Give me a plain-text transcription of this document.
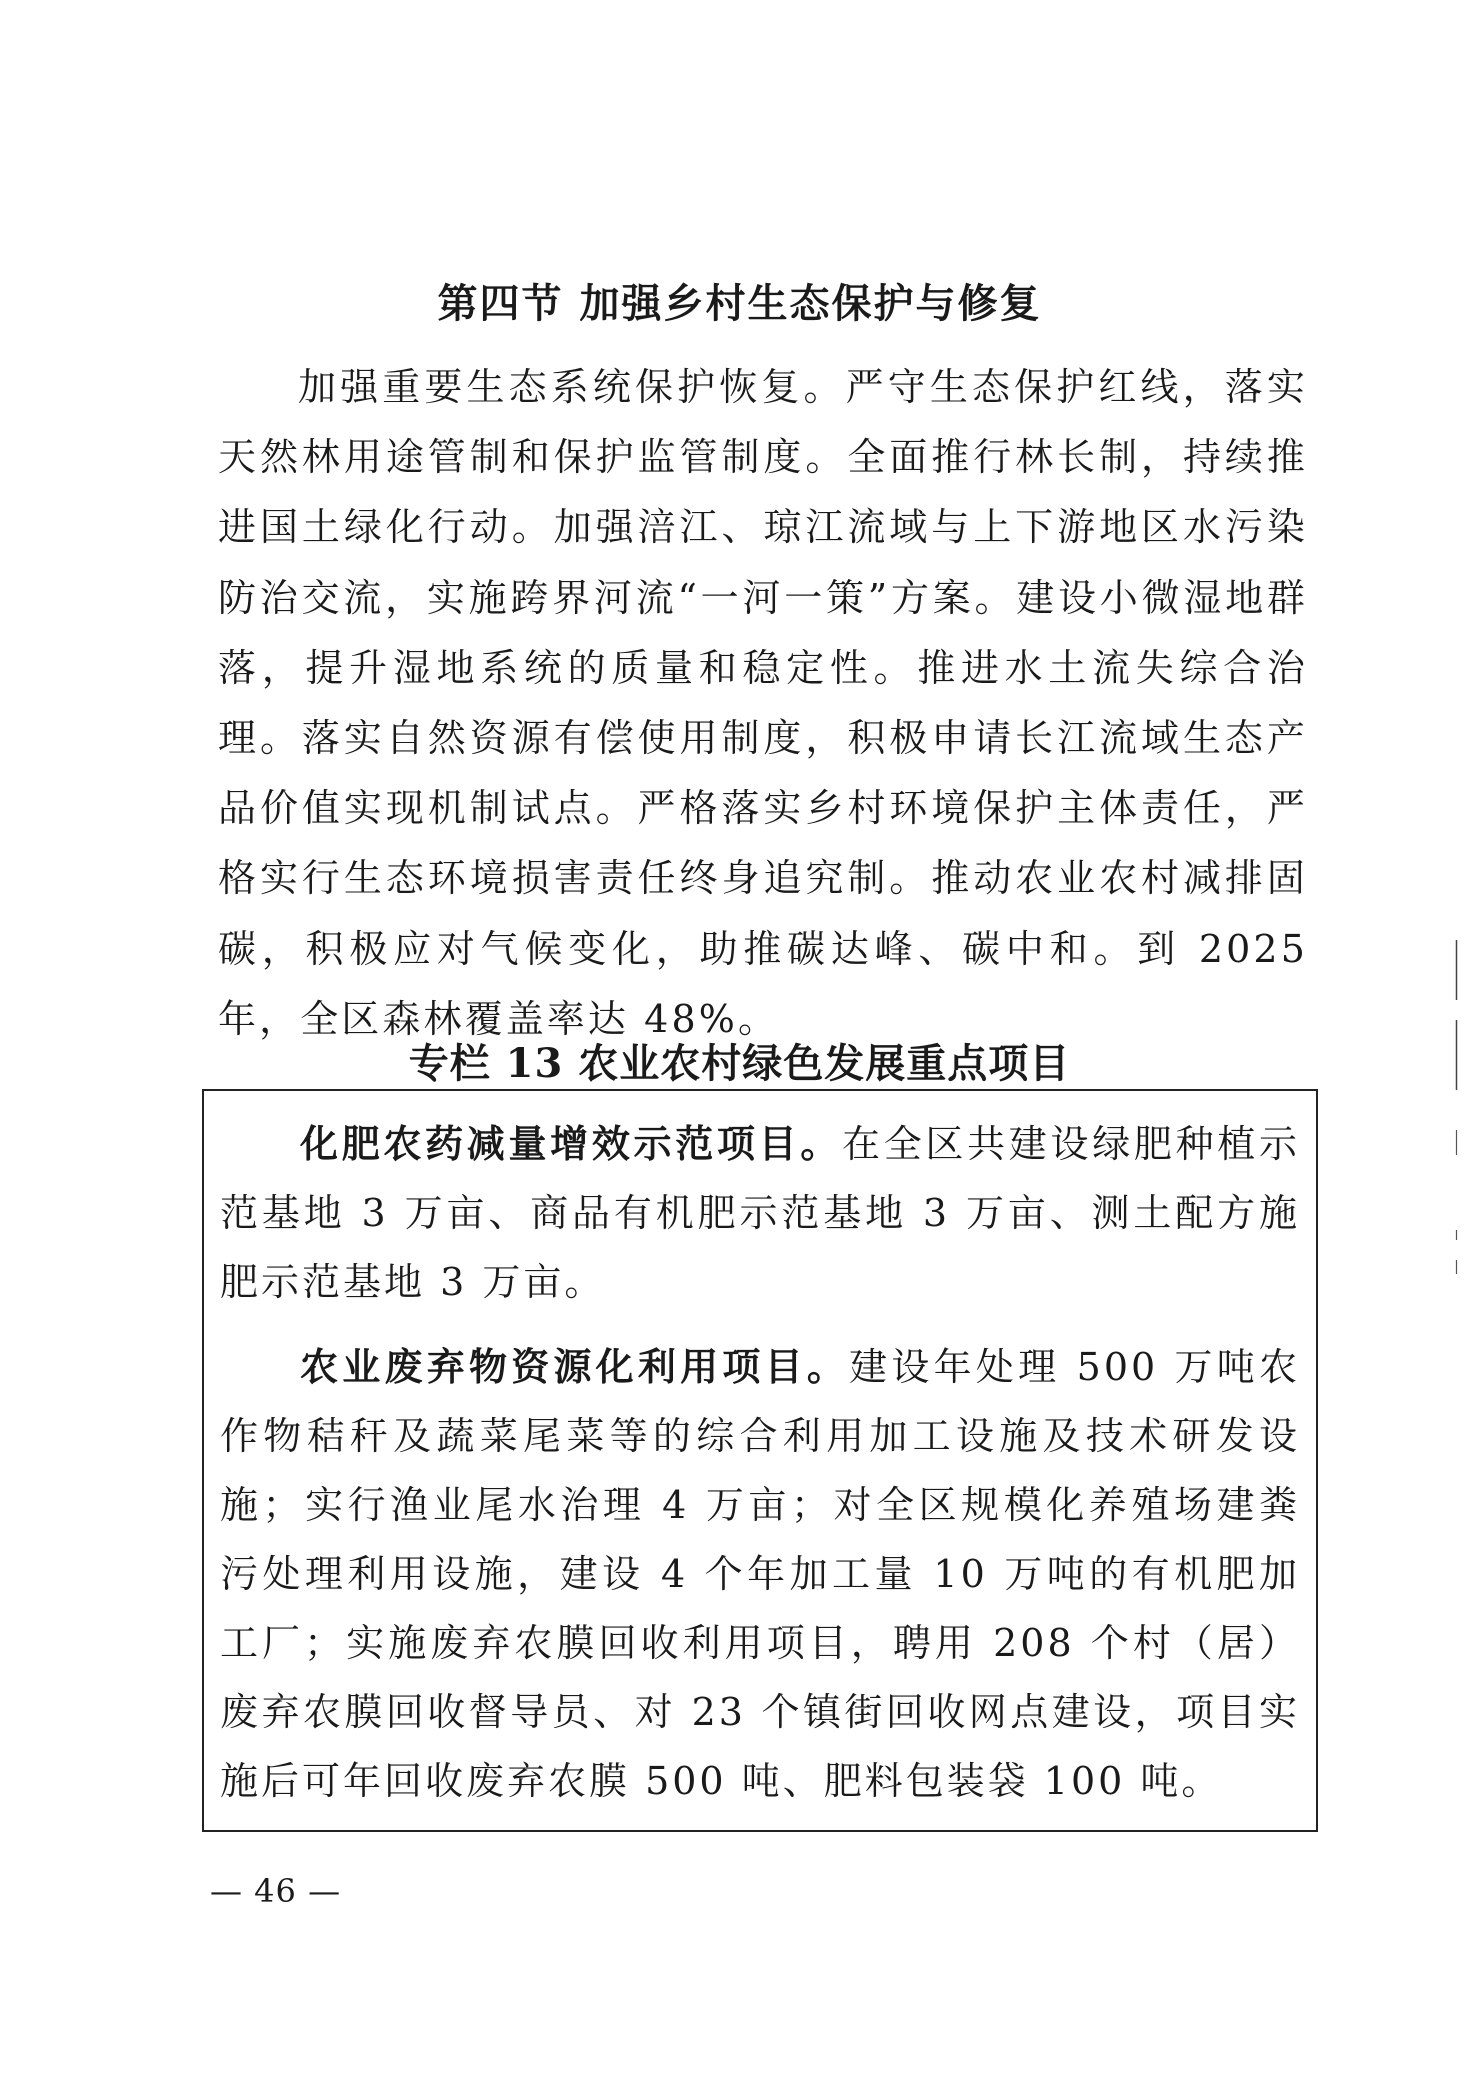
第四节 加强乡村生态保护与修复

加强重要生态系统保护恢复。严守生态保护红线，落实天然林用途管制和保护监管制度。全面推行林长制，持续推进国土绿化行动。加强涪江、琼江流域与上下游地区水污染防治交流，实施跨界河流“一河一策”方案。建设小微湿地群落，提升湿地系统的质量和稳定性。推进水土流失综合治理。落实自然资源有偿使用制度，积极申请长江流域生态产品价值实现机制试点。严格落实乡村环境保护主体责任，严格实行生态环境损害责任终身追究制。推动农业农村减排固碳，积极应对气候变化，助推碳达峰、碳中和。到 2025 年，全区森林覆盖率达 48%。

专栏 13 农业农村绿色发展重点项目

化肥农药减量增效示范项目。在全区共建设绿肥种植示范基地 3 万亩、商品有机肥示范基地 3 万亩、测土配方施肥示范基地 3 万亩。

农业废弃物资源化利用项目。建设年处理 500 万吨农作物秸秆及蔬菜尾菜等的综合利用加工设施及技术研发设施；实行渔业尾水治理 4 万亩；对全区规模化养殖场建粪污处理利用设施，建设 4 个年加工量 10 万吨的有机肥加工厂；实施废弃农膜回收利用项目，聘用 208 个村（居）废弃农膜回收督导员、对 23 个镇街回收网点建设，项目实施后可年回收废弃农膜 500 吨、肥料包装袋 100 吨。

— 46 —
